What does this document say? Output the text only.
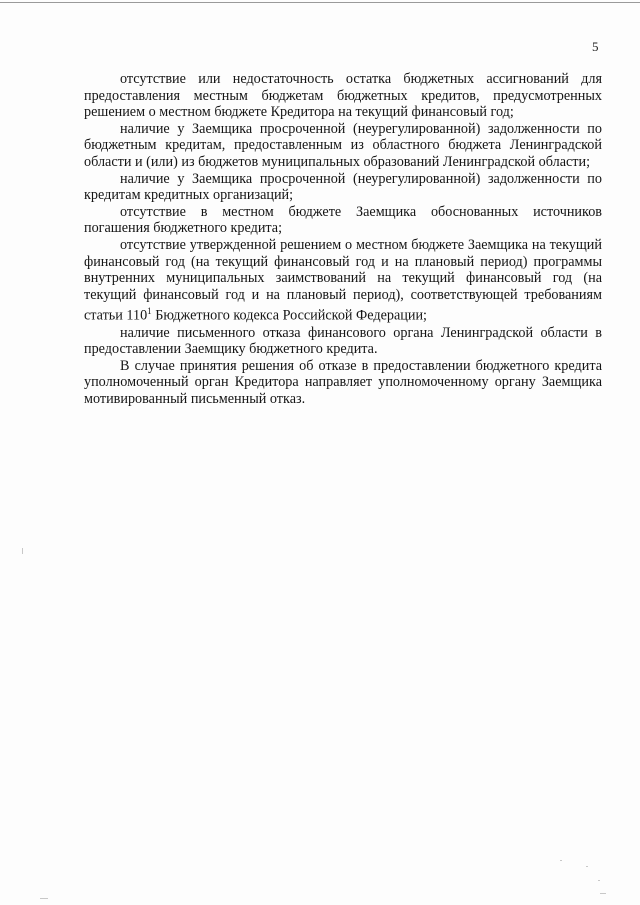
5

отсутствие или недостаточность остатка бюджетных ассигнований для предоставления местным бюджетам бюджетных кредитов, предусмотренных решением о местном бюджете Кредитора на текущий финансовый год;

наличие у Заемщика просроченной (неурегулированной) задолженности по бюджетным кредитам, предоставленным из областного бюджета Ленинградской области и (или) из бюджетов муниципальных образований Ленинградской области;

наличие у Заемщика просроченной (неурегулированной) задолженности по кредитам кредитных организаций;

отсутствие в местном бюджете Заемщика обоснованных источников погашения бюджетного кредита;

отсутствие утвержденной решением о местном бюджете Заемщика на текущий финансовый год (на текущий финансовый год и на плановый период) программы внутренних муниципальных заимствований на текущий финансовый год (на текущий финансовый год и на плановый период), соответствующей требованиям статьи $110^1$ Бюджетного кодекса Российской Федерации;

наличие письменного отказа финансового органа Ленинградской области в предоставлении Заемщику бюджетного кредита.

В случае принятия решения об отказе в предоставлении бюджетного кредита уполномоченный орган Кредитора направляет уполномоченному органу Заемщика мотивированный письменный отказ.
